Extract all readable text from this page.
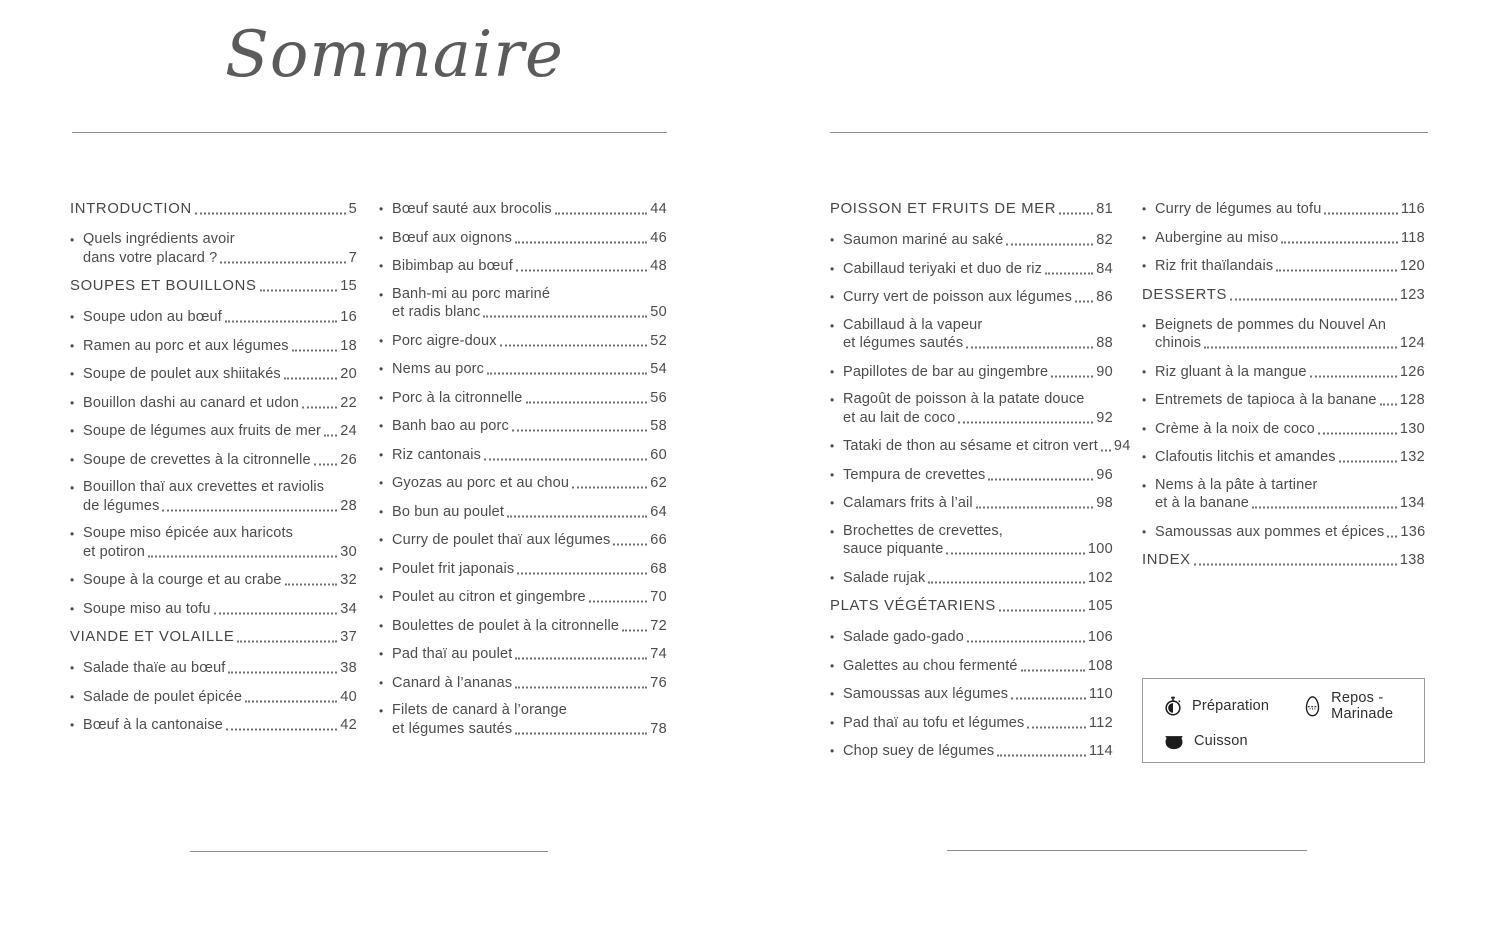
Sommaire
INTRODUCTION	5
• Quels ingrédients avoir
dans votre placard ?	7
SOUPES ET BOUILLONS	15
• Soupe udon au bœuf	16
• Ramen au porc et aux légumes	18
• Soupe de poulet aux shiitakés	20
• Bouillon dashi au canard et udon	22
• Soupe de légumes aux fruits de mer 24
• Soupe de crevettes à la citronnelle 26
• Bouillon thaï aux crevettes et raviolis
de légumes	28
• Soupe miso épicée aux haricots
et potiron	30
• Soupe à la courge et au crabe	32
• Soupe miso au tofu	34
VIANDE ET VOLAILLE	37
• Salade thaïe au bœuf	38
• Salade de poulet épicée	40
• Bœuf à la cantonaise	42
• Bœuf sauté aux brocolis	44
• Bœuf aux oignons	46
• Bibimbap au bœuf	48
• Banh-mi au porc mariné
et radis blanc	50
• Porc aigre-doux	52
• Nems au porc	54
• Porc à la citronnelle	56
• Banh bao au porc	58
• Riz cantonais	60
• Gyozas au porc et au chou	62
• Bo bun au poulet	64
• Curry de poulet thaï aux légumes	66
• Poulet frit japonais	68
• Poulet au citron et gingembre	70
• Boulettes de poulet à la citronnelle 72
• Pad thaï au poulet	74
• Canard à l’ananas	76
• Filets de canard à l’orange
et légumes sautés	78
POISSON ET FRUITS DE MER	81
• Saumon mariné au saké	82
• Cabillaud teriyaki et duo de riz	84
• Curry vert de poisson aux légumes 86
• Cabillaud à la vapeur
et légumes sautés	88
• Papillotes de bar au gingembre	90
• Ragoût de poisson à la patate douce
et au lait de coco	92
• Tataki de thon au sésame et citron vert 94
• Tempura de crevettes	96
• Calamars frits à l’ail	98
• Brochettes de crevettes,
sauce piquante	100
• Salade rujak	102
PLATS VÉGÉTARIENS	105
• Salade gado-gado	106
• Galettes au chou fermenté	108
• Samoussas aux légumes	110
• Pad thaï au tofu et légumes	112
• Chop suey de légumes	114
• Curry de légumes au tofu	116
• Aubergine au miso	118
• Riz frit thaïlandais	120
DESSERTS	123
• Beignets de pommes du Nouvel An
chinois	124
• Riz gluant à la mangue	126
• Entremets de tapioca à la banane 128
• Crème à la noix de coco	130
• Clafoutis litchis et amandes	132
• Nems à la pâte à tartiner
et à la banane	134
• Samoussas aux pommes et épices 136
INDEX	138
Préparation	Repos - Marinade
Cuisson
